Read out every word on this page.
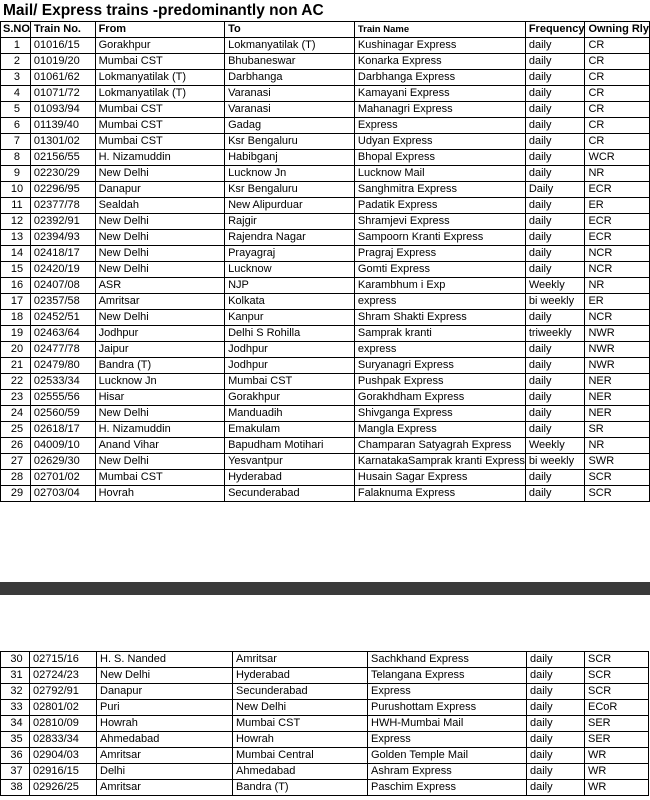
Mail/ Express trains -predominantly non AC
S.NO	Train No.	From	To	Train Name	Frequency	Owning Rly
1	01016/15	Gorakhpur	Lokmanyatilak (T)	Kushinagar Express	daily	CR
2	01019/20	Mumbai CST	Bhubaneswar	Konarka Express	daily	CR
3	01061/62	Lokmanyatilak (T)	Darbhanga	Darbhanga Express	daily	CR
4	01071/72	Lokmanyatilak (T)	Varanasi	Kamayani Express	daily	CR
5	01093/94	Mumbai CST	Varanasi	Mahanagri Express	daily	CR
6	01139/40	Mumbai CST	Gadag	Express	daily	CR
7	01301/02	Mumbai CST	Ksr Bengaluru	Udyan Express	daily	CR
8	02156/55	H. Nizamuddin	Habibganj	Bhopal Express	daily	WCR
9	02230/29	New Delhi	Lucknow Jn	Lucknow Mail	daily	NR
10	02296/95	Danapur	Ksr Bengaluru	Sanghmitra Express	Daily	ECR
11	02377/78	Sealdah	New Alipurduar	Padatik Express	daily	ER
12	02392/91	New Delhi	Rajgir	Shramjevi Express	daily	ECR
13	02394/93	New Delhi	Rajendra Nagar	Sampoorn Kranti Express	daily	ECR
14	02418/17	New Delhi	Prayagraj	Pragraj Express	daily	NCR
15	02420/19	New Delhi	Lucknow	Gomti Express	daily	NCR
16	02407/08	ASR	NJP	Karambhum i Exp	Weekly	NR
17	02357/58	Amritsar	Kolkata	express	bi weekly	ER
18	02452/51	New Delhi	Kanpur	Shram Shakti Express	daily	NCR
19	02463/64	Jodhpur	Delhi S Rohilla	Samprak kranti	triweekly	NWR
20	02477/78	Jaipur	Jodhpur	express	daily	NWR
21	02479/80	Bandra (T)	Jodhpur	Suryanagri Express	daily	NWR
22	02533/34	Lucknow Jn	Mumbai CST	Pushpak Express	daily	NER
23	02555/56	Hisar	Gorakhpur	Gorakhdham Express	daily	NER
24	02560/59	New Delhi	Manduadih	Shivganga Express	daily	NER
25	02618/17	H. Nizamuddin	Emakulam	Mangla Express	daily	SR
26	04009/10	Anand Vihar	Bapudham Motihari	Champaran Satyagrah Express	Weekly	NR
27	02629/30	New Delhi	Yesvantpur	KarnatakaSamprak kranti Express	bi weekly	SWR
28	02701/02	Mumbai CST	Hyderabad	Husain Sagar Express	daily	SCR
29	02703/04	Hovrah	Secunderabad	Falaknuma Express	daily	SCR
30	02715/16	H. S. Nanded	Amritsar	Sachkhand Express	daily	SCR
31	02724/23	New Delhi	Hyderabad	Telangana Express	daily	SCR
32	02792/91	Danapur	Secunderabad	Express	daily	SCR
33	02801/02	Puri	New Delhi	Purushottam Express	daily	ECoR
34	02810/09	Howrah	Mumbai CST	HWH-Mumbai Mail	daily	SER
35	02833/34	Ahmedabad	Howrah	Express	daily	SER
36	02904/03	Amritsar	Mumbai Central	Golden Temple Mail	daily	WR
37	02916/15	Delhi	Ahmedabad	Ashram Express	daily	WR
38	02926/25	Amritsar	Bandra (T)	Paschim Express	daily	WR
